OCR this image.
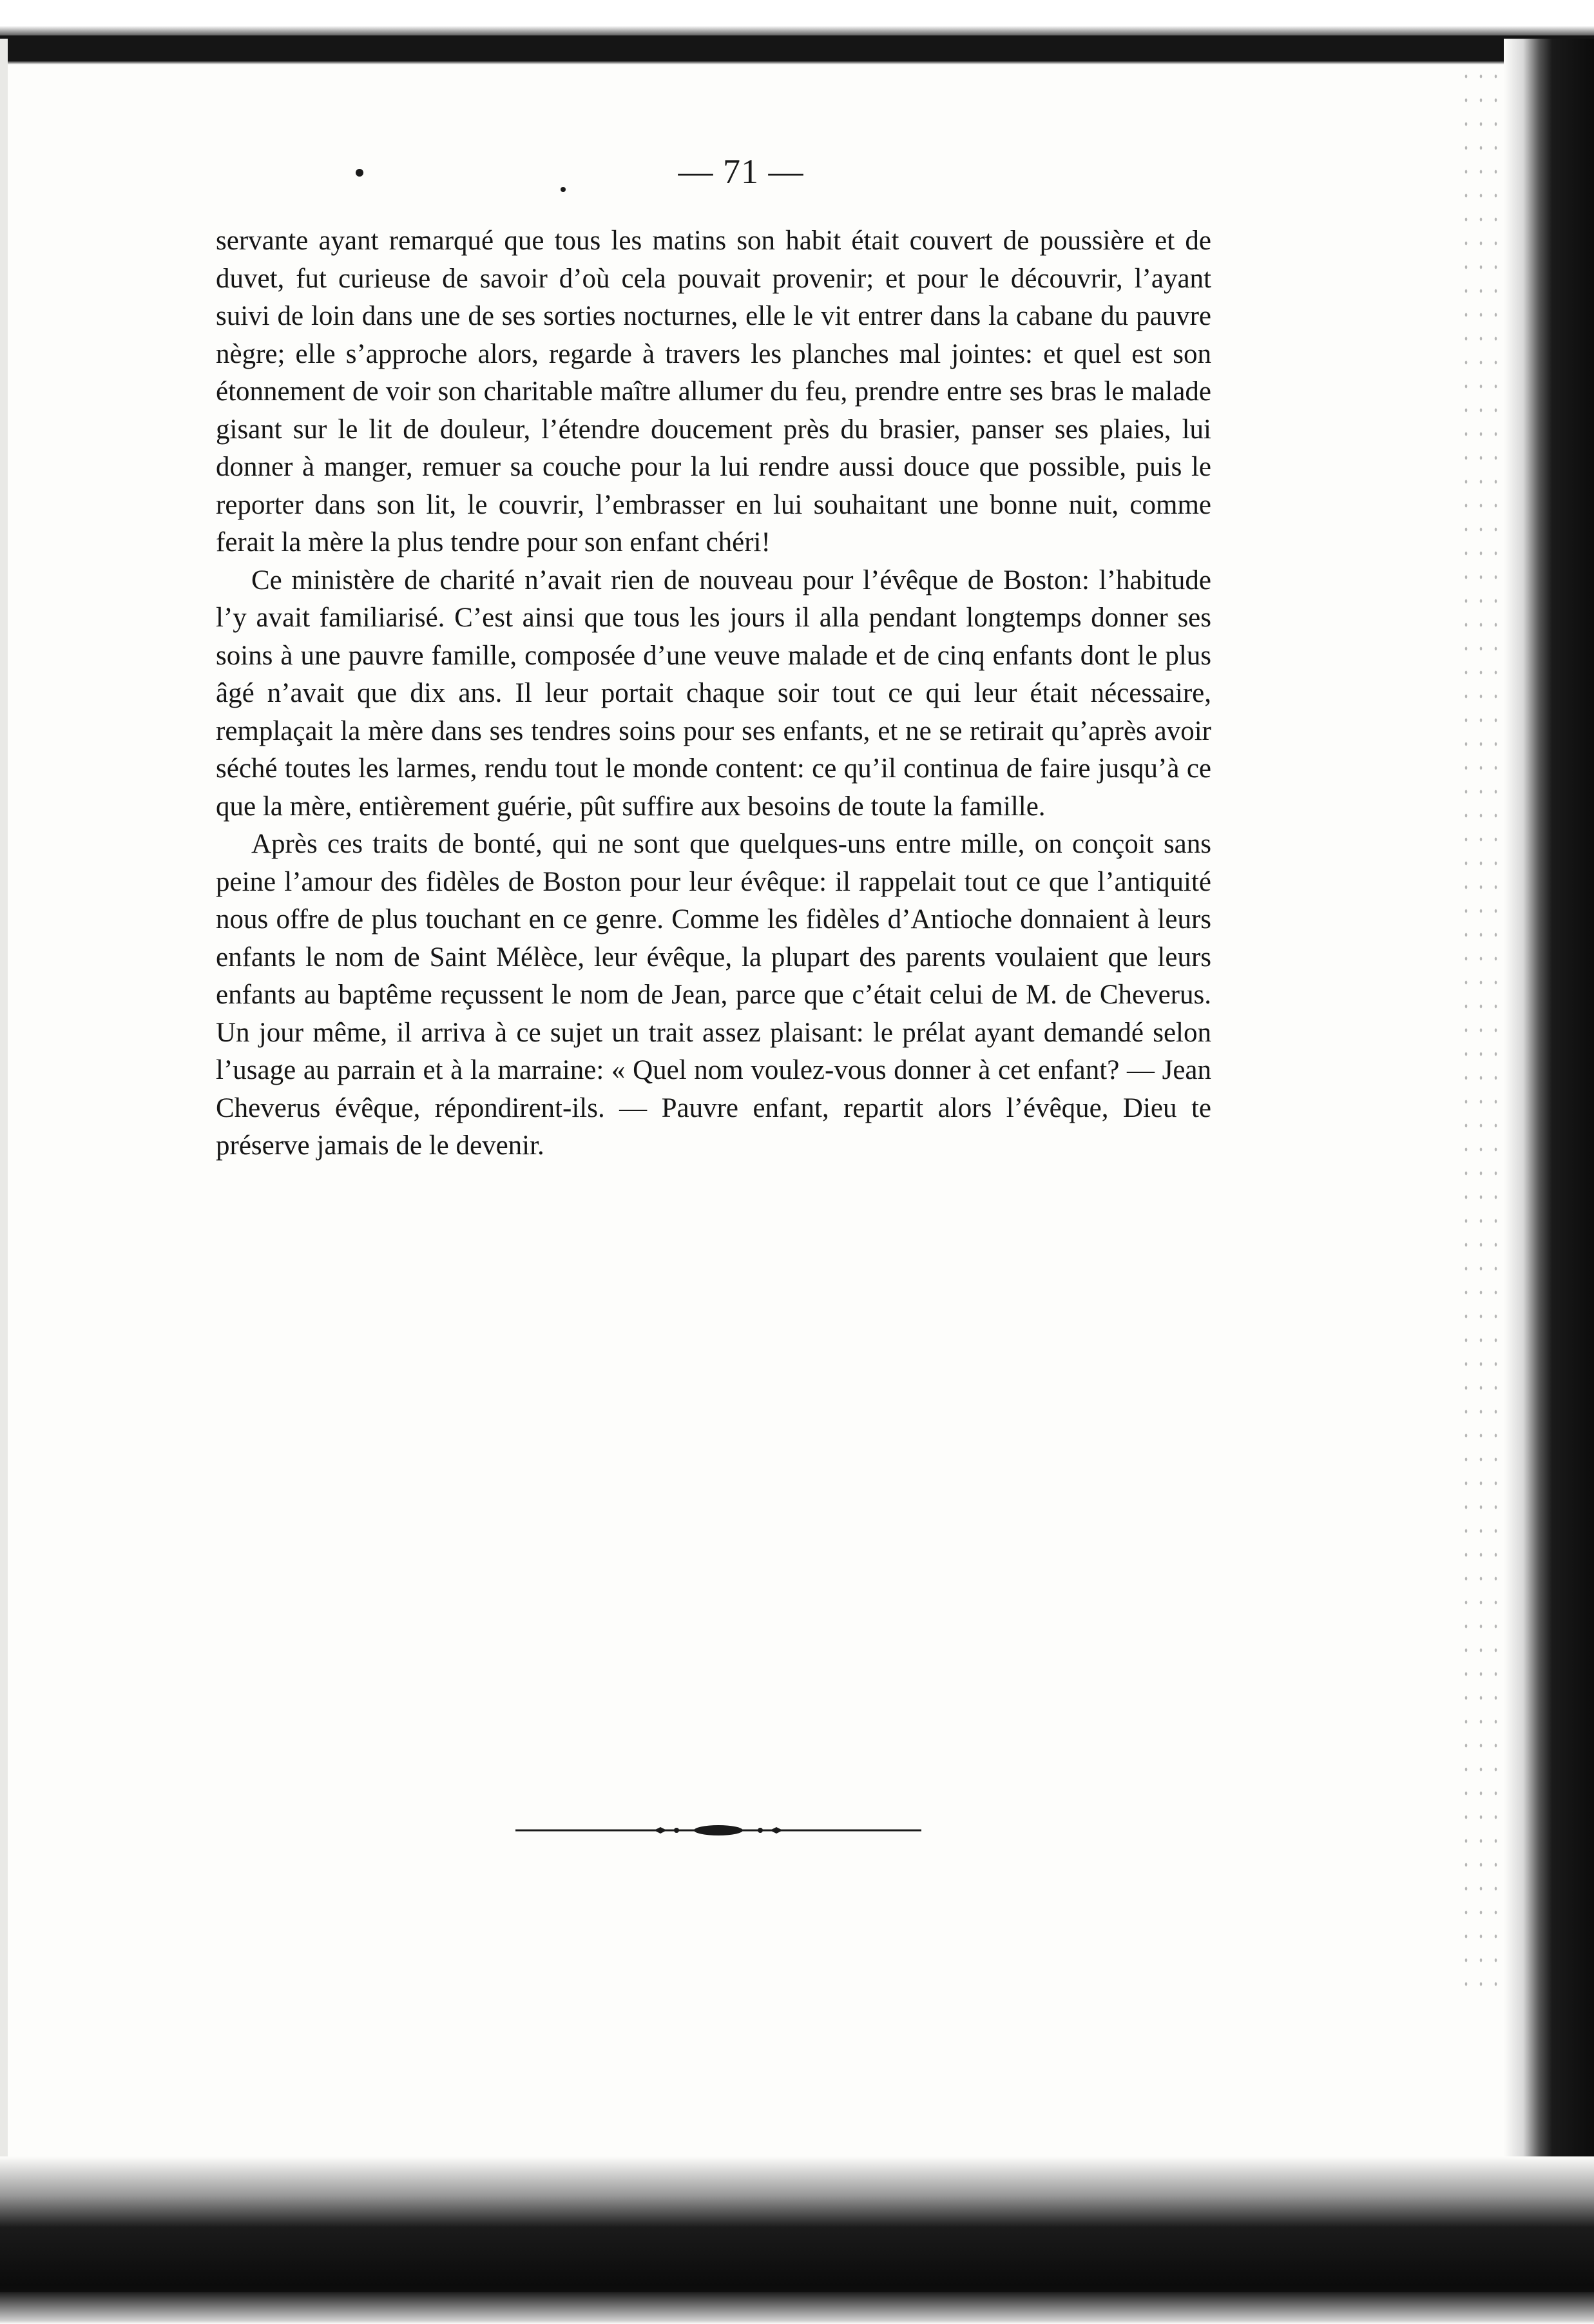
— 71 —

servante ayant remarqué que tous les matins son habit était couvert de poussière et de duvet, fut curieuse de savoir d’où cela pouvait provenir; et pour le découvrir, l’ayant suivi de loin dans une de ses sorties nocturnes, elle le vit entrer dans la cabane du pauvre nègre; elle s’approche alors, regarde à travers les planches mal jointes: et quel est son étonnement de voir son charitable maître allumer du feu, prendre entre ses bras le malade gisant sur le lit de douleur, l’étendre doucement près du brasier, panser ses plaies, lui donner à manger, remuer sa couche pour la lui rendre aussi douce que possible, puis le reporter dans son lit, le couvrir, l’embrasser en lui souhaitant une bonne nuit, comme ferait la mère la plus tendre pour son enfant chéri!

Ce ministère de charité n’avait rien de nouveau pour l’évêque de Boston: l’habitude l’y avait familiarisé. C’est ainsi que tous les jours il alla pendant longtemps donner ses soins à une pauvre famille, composée d’une veuve malade et de cinq enfants dont le plus âgé n’avait que dix ans. Il leur portait chaque soir tout ce qui leur était nécessaire, remplaçait la mère dans ses tendres soins pour ses enfants, et ne se retirait qu’après avoir séché toutes les larmes, rendu tout le monde content: ce qu’il continua de faire jusqu’à ce que la mère, entièrement guérie, pût suffire aux besoins de toute la famille.

Après ces traits de bonté, qui ne sont que quelques-uns entre mille, on conçoit sans peine l’amour des fidèles de Boston pour leur évêque: il rappelait tout ce que l’antiquité nous offre de plus touchant en ce genre. Comme les fidèles d’Antioche donnaient à leurs enfants le nom de Saint Mélèce, leur évêque, la plupart des parents voulaient que leurs enfants au baptême reçussent le nom de Jean, parce que c’était celui de M. de Cheverus. Un jour même, il arriva à ce sujet un trait assez plaisant: le prélat ayant demandé selon l’usage au parrain et à la marraine: « Quel nom voulez-vous donner à cet enfant? — Jean Cheverus évêque, répondirent-ils. — Pauvre enfant, repartit alors l’évêque, Dieu te préserve jamais de le devenir.
